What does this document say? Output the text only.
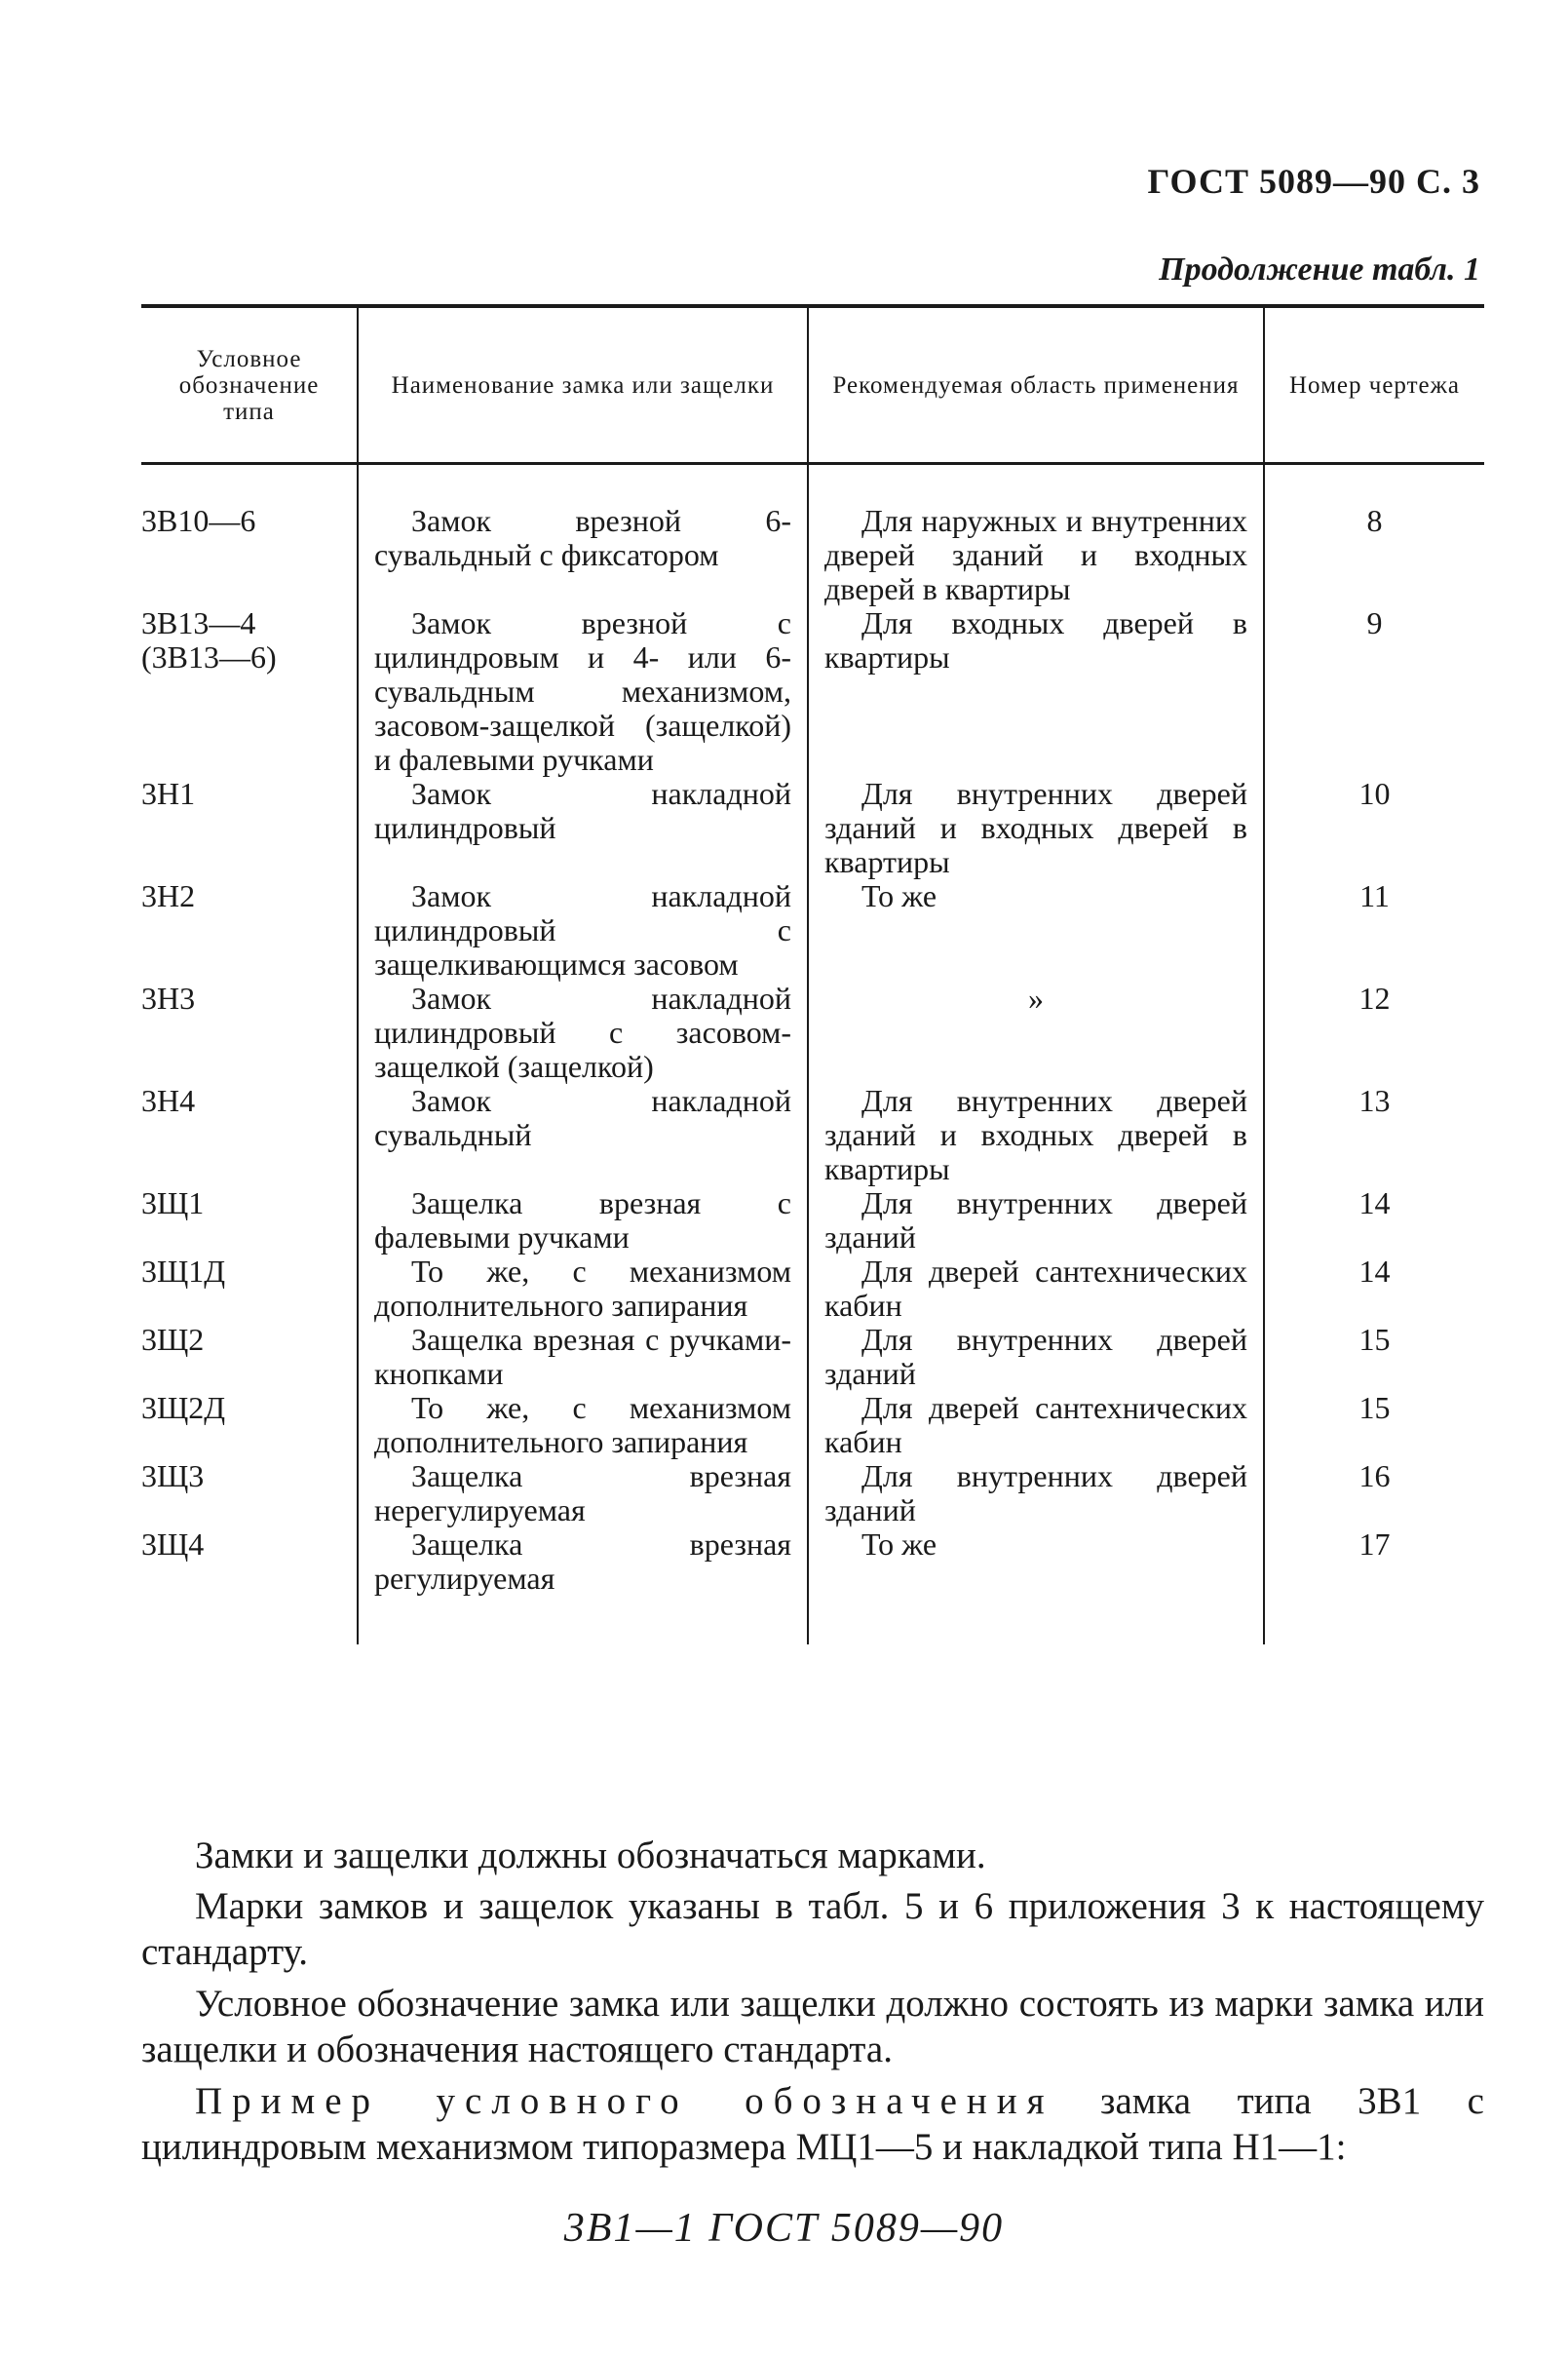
ГОСТ 5089—90 С. 3
Продолжение табл. 1
Условное обозначение типа	Наименование замка или защелки	Рекомендуемая область применения	Номер чертежа
3В10—6	Замок врезной 6-сувальдный с фиксатором	Для наружных и внутренних дверей зданий и входных дверей в квартиры	8
3В13—4 (3В13—6)	Замок врезной с цилиндровым и 4- или 6-сувальдным механизмом, засовом-защелкой (защелкой) и фалевыми ручками	Для входных дверей в квартиры	9
3Н1	Замок накладной цилиндровый	Для внутренних дверей зданий и входных дверей в квартиры	10
3Н2	Замок накладной цилиндровый с защелкивающимся засовом	То же	11
3Н3	Замок накладной цилиндровый с засовом-защелкой (защелкой)	»	12
3Н4	Замок накладной сувальдный	Для внутренних дверей зданий и входных дверей в квартиры	13
3Щ1	Защелка врезная с фалевыми ручками	Для внутренних дверей зданий	14
3Щ1Д	То же, с механизмом дополнительного запирания	Для дверей сантехнических кабин	14
3Щ2	Защелка врезная с ручками-кнопками	Для внутренних дверей зданий	15
3Щ2Д	То же, с механизмом дополнительного запирания	Для дверей сантехнических кабин	15
3Щ3	Защелка врезная нерегулируемая	Для внутренних дверей зданий	16
3Щ4	Защелка врезная регулируемая	То же	17
Замки и защелки должны обозначаться марками.
Марки замков и защелок указаны в табл. 5 и 6 приложения 3 к настоящему стандарту.
Условное обозначение замка или защелки должно состоять из марки замка или защелки и обозначения настоящего стандарта.
Пример условного обозначения замка типа 3В1 с цилиндровым механизмом типоразмера МЦ1—5 и накладкой типа Н1—1:
3В1—1 ГОСТ 5089—90
